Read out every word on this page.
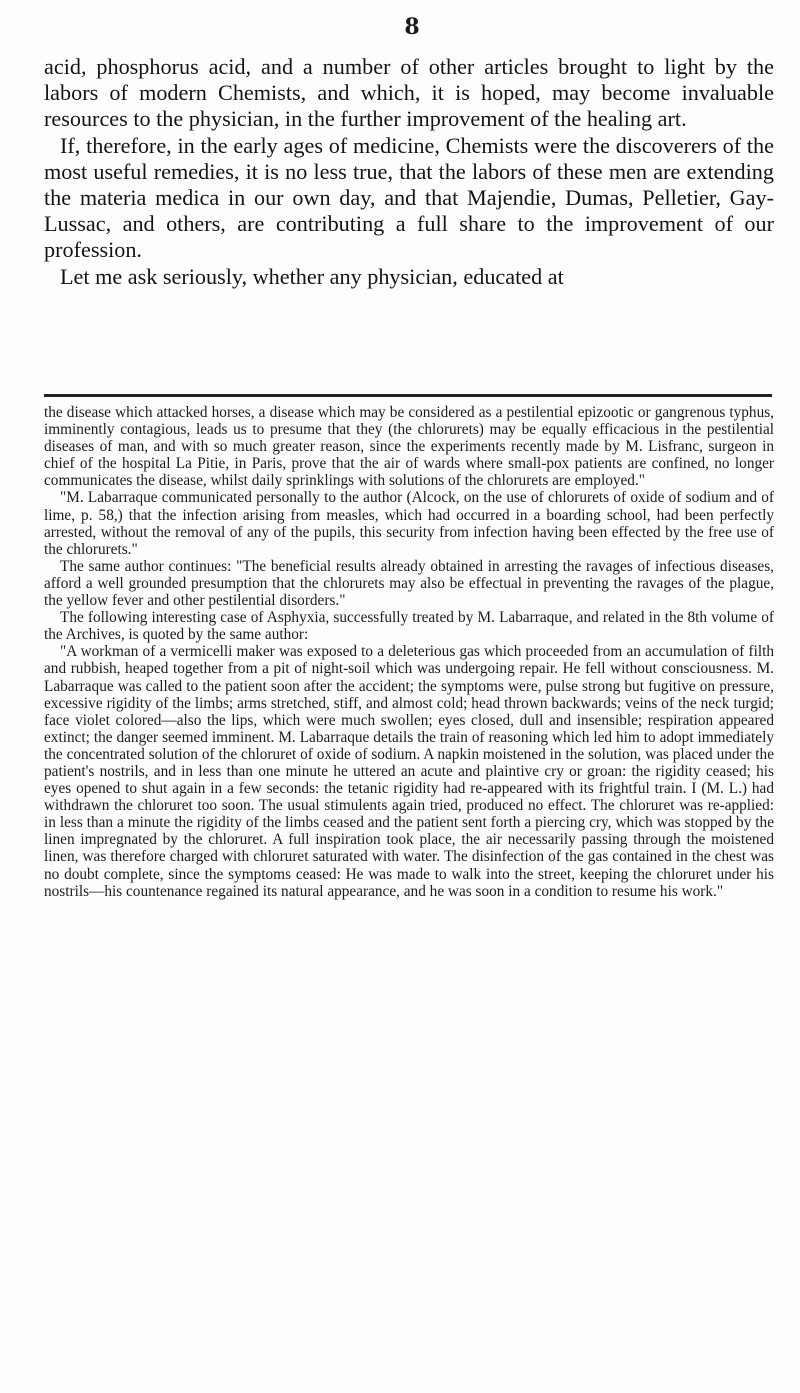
8

acid, phosphorus acid, and a number of other articles brought to light by the labors of modern Chemists, and which, it is hoped, may become invaluable resources to the physician, in the further improvement of the healing art.

If, therefore, in the early ages of medicine, Chemists were the discoverers of the most useful remedies, it is no less true, that the labors of these men are extending the materia medica in our own day, and that Majendie, Dumas, Pelletier, Gay-Lussac, and others, are contributing a full share to the improvement of our profession.

Let me ask seriously, whether any physician, educated at

the disease which attacked horses, a disease which may be considered as a pestilential epizootic or gangrenous typhus, imminently contagious, leads us to presume that they (the chlorurets) may be equally efficacious in the pestilential diseases of man, and with so much greater reason, since the experiments recently made by M. Lisfranc, surgeon in chief of the hospital La Pitie, in Paris, prove that the air of wards where small-pox patients are confined, no longer communicates the disease, whilst daily sprinklings with solutions of the chlorurets are employed."

"M. Labarraque communicated personally to the author (Alcock, on the use of chlorurets of oxide of sodium and of lime, p. 58,) that the infection arising from measles, which had occurred in a boarding school, had been perfectly arrested, without the removal of any of the pupils, this security from infection having been effected by the free use of the chlorurets."

The same author continues: "The beneficial results already obtained in arresting the ravages of infectious diseases, afford a well grounded presumption that the chlorurets may also be effectual in preventing the ravages of the plague, the yellow fever and other pestilential disorders."

The following interesting case of Asphyxia, successfully treated by M. Labarraque, and related in the 8th volume of the Archives, is quoted by the same author:

"A workman of a vermicelli maker was exposed to a deleterious gas which proceeded from an accumulation of filth and rubbish, heaped together from a pit of night-soil which was undergoing repair. He fell without consciousness. M. Labarraque was called to the patient soon after the accident; the symptoms were, pulse strong but fugitive on pressure, excessive rigidity of the limbs; arms stretched, stiff, and almost cold; head thrown backwards; veins of the neck turgid; face violet colored—also the lips, which were much swollen; eyes closed, dull and insensible; respiration appeared extinct; the danger seemed imminent. M. Labarraque details the train of reasoning which led him to adopt immediately the concentrated solution of the chloruret of oxide of sodium. A napkin moistened in the solution, was placed under the patient's nostrils, and in less than one minute he uttered an acute and plaintive cry or groan: the rigidity ceased; his eyes opened to shut again in a few seconds: the tetanic rigidity had re-appeared with its frightful train. I (M. L.) had withdrawn the chloruret too soon. The usual stimulents again tried, produced no effect. The chloruret was re-applied: in less than a minute the rigidity of the limbs ceased and the patient sent forth a piercing cry, which was stopped by the linen impregnated by the chloruret. A full inspiration took place, the air necessarily passing through the moistened linen, was therefore charged with chloruret saturated with water. The disinfection of the gas contained in the chest was no doubt complete, since the symptoms ceased: He was made to walk into the street, keeping the chloruret under his nostrils—his countenance regained its natural appearance, and he was soon in a condition to resume his work."
